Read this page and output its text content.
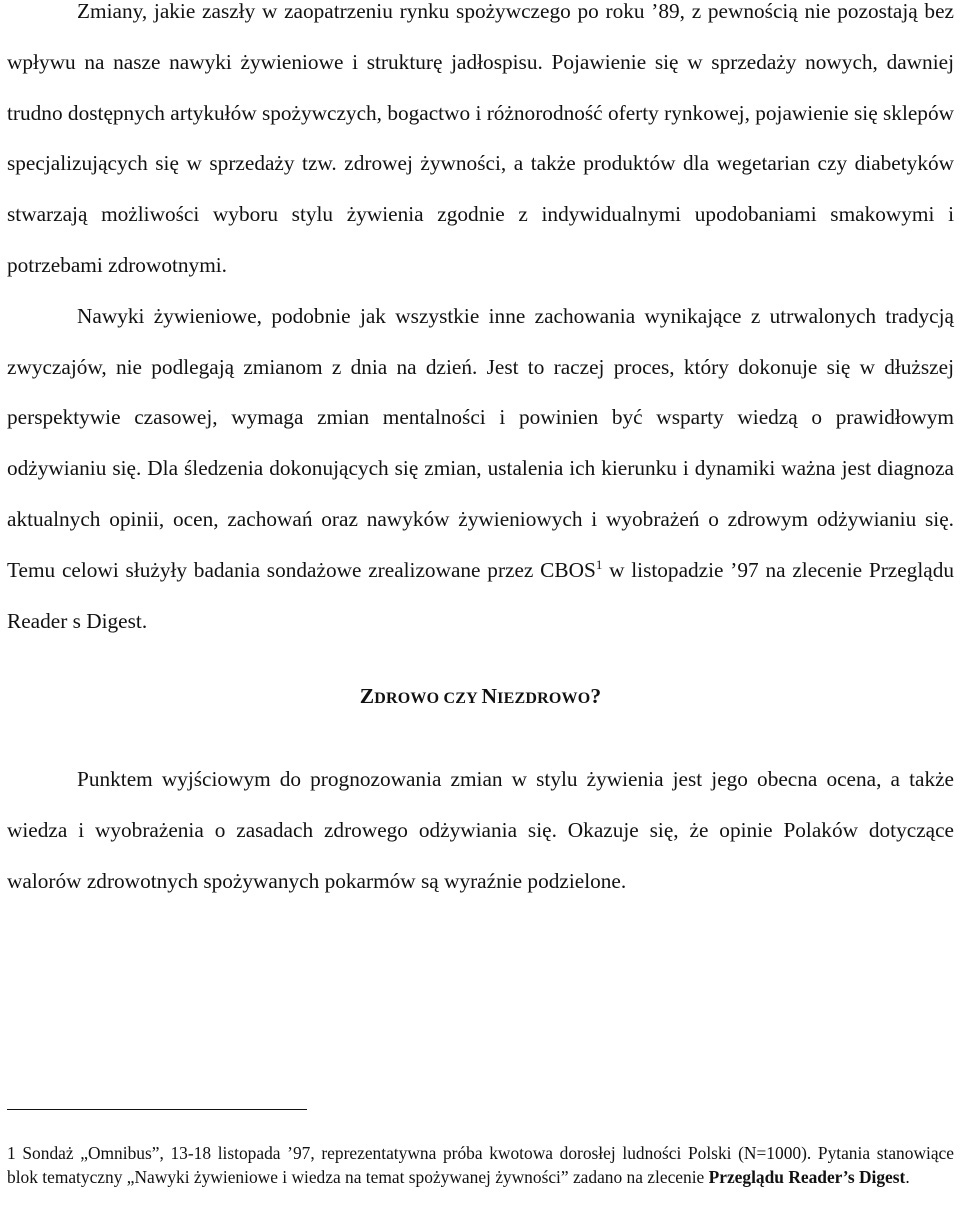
Zmiany, jakie zaszły w zaopatrzeniu rynku spożywczego po roku ’89, z pewnością nie pozostają bez wpływu na nasze nawyki żywieniowe i strukturę jadłospisu. Pojawienie się w sprzedaży nowych, dawniej trudno dostępnych artykułów spożywczych, bogactwo i różnorodność oferty rynkowej, pojawienie się sklepów specjalizujących się w sprzedaży tzw. zdrowej żywności, a także produktów dla wegetarian czy diabetyków stwarzają możliwości wyboru stylu żywienia zgodnie z indywidualnymi upodobaniami smakowymi i potrzebami zdrowotnymi.

Nawyki żywieniowe, podobnie jak wszystkie inne zachowania wynikające z utrwalonych tradycją zwyczajów, nie podlegają zmianom z dnia na dzień. Jest to raczej proces, który dokonuje się w dłuższej perspektywie czasowej, wymaga zmian mentalności i powinien być wsparty wiedzą o prawidłowym odżywianiu się. Dla śledzenia dokonujących się zmian, ustalenia ich kierunku i dynamiki ważna jest diagnoza aktualnych opinii, ocen, zachowań oraz nawyków żywieniowych i wyobrażeń o zdrowym odżywianiu się. Temu celowi służyły badania sondażowe zrealizowane przez CBOS$^1$ w listopadzie ’97 na zlecenie Przeglądu Reader s Digest.

ZDROWO CZY NIEZDROWO?

Punktem wyjściowym do prognozowania zmian w stylu żywienia jest jego obecna ocena, a także wiedza i wyobrażenia o zasadach zdrowego odżywiania się. Okazuje się, że opinie Polaków dotyczące walorów zdrowotnych spożywanych pokarmów są wyraźnie podzielone.

1 Sondaż „Omnibus”, 13-18 listopada ’97, reprezentatywna próba kwotowa dorosłej ludności Polski (N=1000). Pytania stanowiące blok tematyczny „Nawyki żywieniowe i wiedza na temat spożywanej żywności” zadano na zlecenie Przeglądu Reader’s Digest.
